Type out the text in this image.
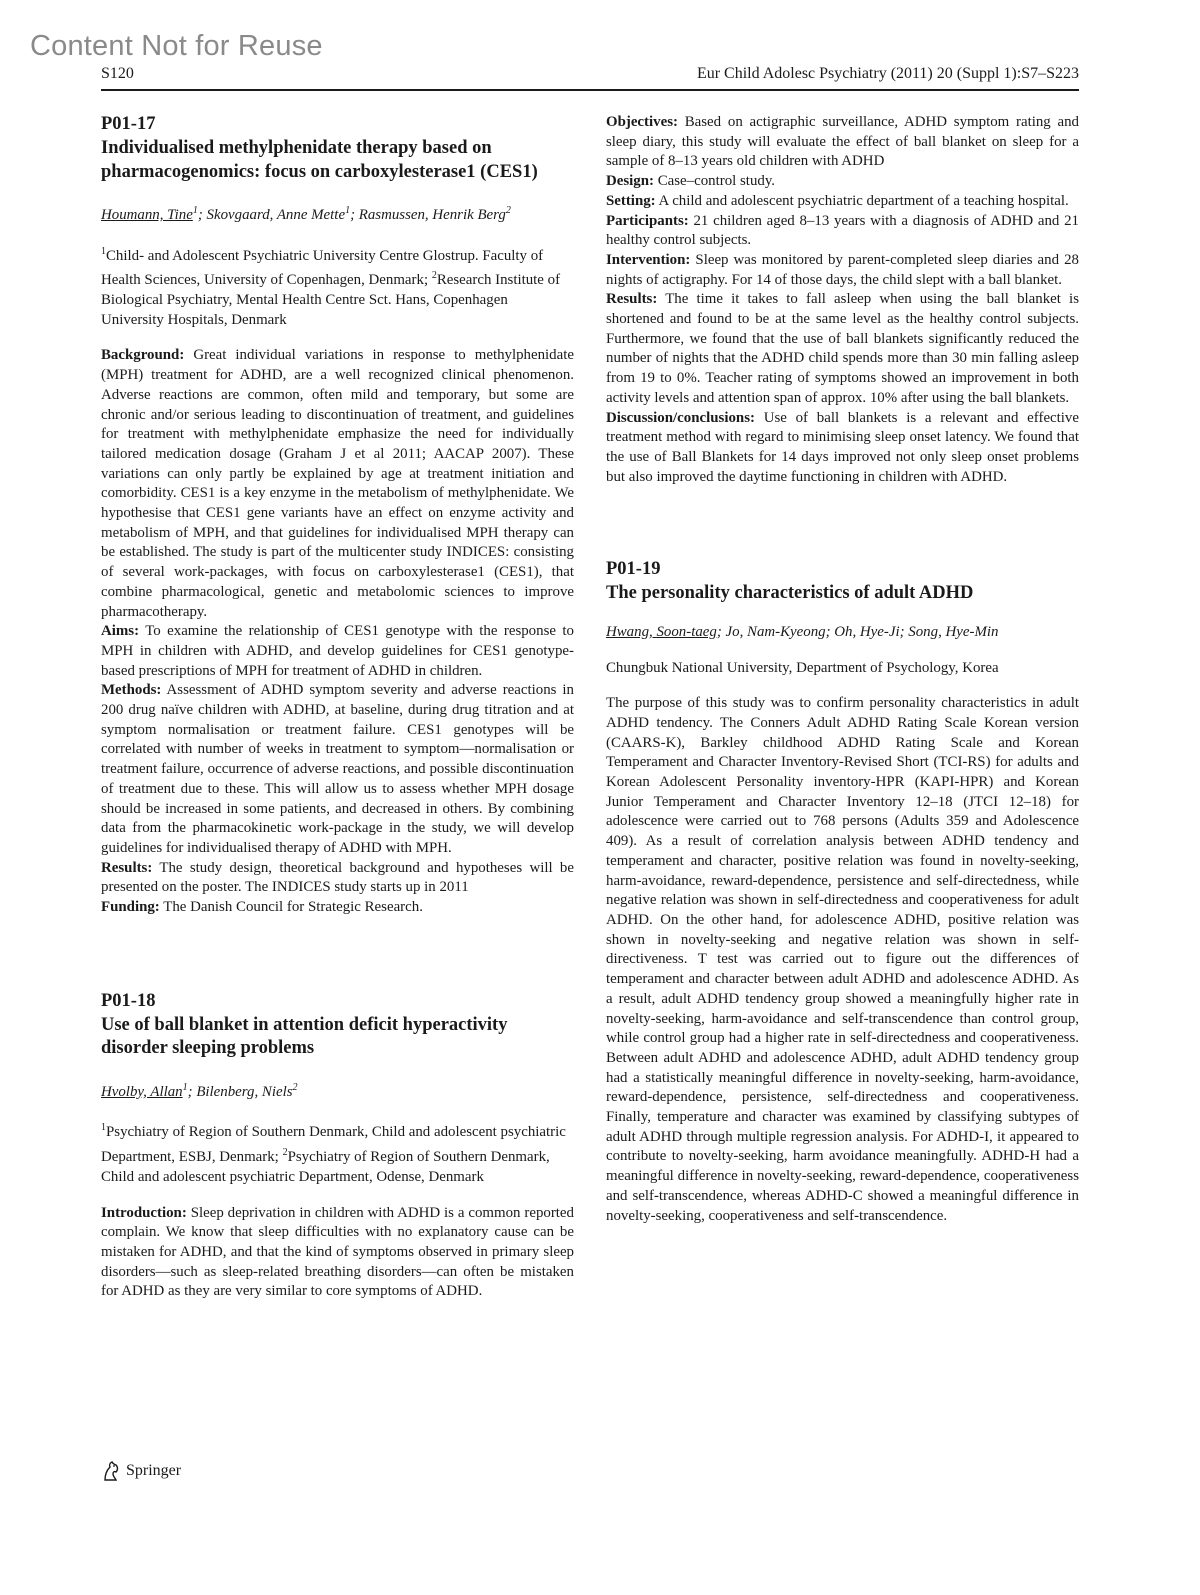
Content Not for Reuse
S120	Eur Child Adolesc Psychiatry (2011) 20 (Suppl 1):S7–S223

P01-17

Individualised methylphenidate therapy based on pharmacogenomics: focus on carboxylesterase1 (CES1)

Houmann, Tine$^1$; Skovgaard, Anne Mette$^1$; Rasmussen, Henrik Berg$^2$

$^1$Child- and Adolescent Psychiatric University Centre Glostrup. Faculty of Health Sciences, University of Copenhagen, Denmark; $^2$Research Institute of Biological Psychiatry, Mental Health Centre Sct. Hans, Copenhagen University Hospitals, Denmark

Background: Great individual variations in response to methylphenidate (MPH) treatment for ADHD, are a well recognized clinical phenomenon. Adverse reactions are common, often mild and temporary, but some are chronic and/or serious leading to discontinuation of treatment, and guidelines for treatment with methylphenidate emphasize the need for individually tailored medication dosage (Graham J et al 2011; AACAP 2007). These variations can only partly be explained by age at treatment initiation and comorbidity. CES1 is a key enzyme in the metabolism of methylphenidate. We hypothesise that CES1 gene variants have an effect on enzyme activity and metabolism of MPH, and that guidelines for individualised MPH therapy can be established. The study is part of the multicenter study INDICES: consisting of several work-packages, with focus on carboxylesterase1 (CES1), that combine pharmacological, genetic and metabolomic sciences to improve pharmacotherapy.

Aims: To examine the relationship of CES1 genotype with the response to MPH in children with ADHD, and develop guidelines for CES1 genotype-based prescriptions of MPH for treatment of ADHD in children.

Methods: Assessment of ADHD symptom severity and adverse reactions in 200 drug naïve children with ADHD, at baseline, during drug titration and at symptom normalisation or treatment failure. CES1 genotypes will be correlated with number of weeks in treatment to symptom—normalisation or treatment failure, occurrence of adverse reactions, and possible discontinuation of treatment due to these. This will allow us to assess whether MPH dosage should be increased in some patients, and decreased in others. By combining data from the pharmacokinetic work-package in the study, we will develop guidelines for individualised therapy of ADHD with MPH.

Results: The study design, theoretical background and hypotheses will be presented on the poster. The INDICES study starts up in 2011

Funding: The Danish Council for Strategic Research.

P01-18

Use of ball blanket in attention deficit hyperactivity disorder sleeping problems

Hvolby, Allan$^1$; Bilenberg, Niels$^2$

$^1$Psychiatry of Region of Southern Denmark, Child and adolescent psychiatric Department, ESBJ, Denmark; $^2$Psychiatry of Region of Southern Denmark, Child and adolescent psychiatric Department, Odense, Denmark

Introduction: Sleep deprivation in children with ADHD is a common reported complain. We know that sleep difficulties with no explanatory cause can be mistaken for ADHD, and that the kind of symptoms observed in primary sleep disorders—such as sleep-related breathing disorders—can often be mistaken for ADHD as they are very similar to core symptoms of ADHD.

Objectives: Based on actigraphic surveillance, ADHD symptom rating and sleep diary, this study will evaluate the effect of ball blanket on sleep for a sample of 8–13 years old children with ADHD

Design: Case–control study.

Setting: A child and adolescent psychiatric department of a teaching hospital.

Participants: 21 children aged 8–13 years with a diagnosis of ADHD and 21 healthy control subjects.

Intervention: Sleep was monitored by parent-completed sleep diaries and 28 nights of actigraphy. For 14 of those days, the child slept with a ball blanket.

Results: The time it takes to fall asleep when using the ball blanket is shortened and found to be at the same level as the healthy control subjects. Furthermore, we found that the use of ball blankets significantly reduced the number of nights that the ADHD child spends more than 30 min falling asleep from 19 to 0%. Teacher rating of symptoms showed an improvement in both activity levels and attention span of approx. 10% after using the ball blankets.

Discussion/conclusions: Use of ball blankets is a relevant and effective treatment method with regard to minimising sleep onset latency. We found that the use of Ball Blankets for 14 days improved not only sleep onset problems but also improved the daytime functioning in children with ADHD.

P01-19

The personality characteristics of adult ADHD

Hwang, Soon-taeg; Jo, Nam-Kyeong; Oh, Hye-Ji; Song, Hye-Min

Chungbuk National University, Department of Psychology, Korea

The purpose of this study was to confirm personality characteristics in adult ADHD tendency. The Conners Adult ADHD Rating Scale Korean version (CAARS-K), Barkley childhood ADHD Rating Scale and Korean Temperament and Character Inventory-Revised Short (TCI-RS) for adults and Korean Adolescent Personality inventory-HPR (KAPI-HPR) and Korean Junior Temperament and Character Inventory 12–18 (JTCI 12–18) for adolescence were carried out to 768 persons (Adults 359 and Adolescence 409). As a result of correlation analysis between ADHD tendency and temperament and character, positive relation was found in novelty-seeking, harm-avoidance, reward-dependence, persistence and self-directedness, while negative relation was shown in self-directedness and cooperativeness for adult ADHD. On the other hand, for adolescence ADHD, positive relation was shown in novelty-seeking and negative relation was shown in self-directiveness. T test was carried out to figure out the differences of temperament and character between adult ADHD and adolescence ADHD. As a result, adult ADHD tendency group showed a meaningfully higher rate in novelty-seeking, harm-avoidance and self-transcendence than control group, while control group had a higher rate in self-directedness and cooperativeness. Between adult ADHD and adolescence ADHD, adult ADHD tendency group had a statistically meaningful difference in novelty-seeking, harm-avoidance, reward-dependence, persistence, self-directedness and cooperativeness. Finally, temperature and character was examined by classifying subtypes of adult ADHD through multiple regression analysis. For ADHD-I, it appeared to contribute to novelty-seeking, harm avoidance meaningfully. ADHD-H had a meaningful difference in novelty-seeking, reward-dependence, cooperativeness and self-transcendence, whereas ADHD-C showed a meaningful difference in novelty-seeking, cooperativeness and self-transcendence.

Springer
